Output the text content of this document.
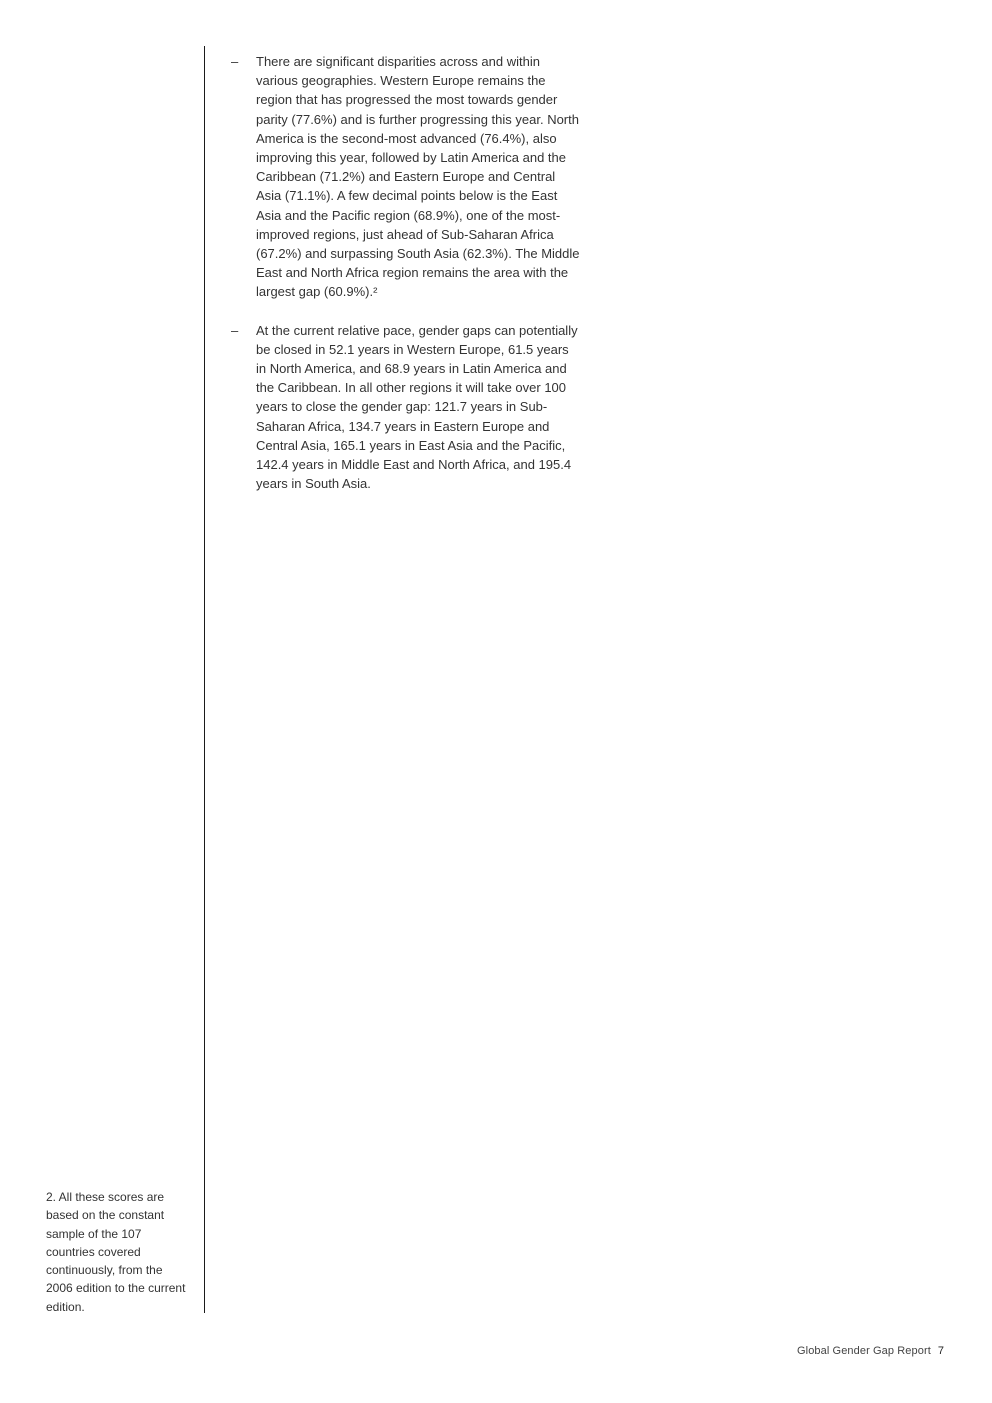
–	There are significant disparities across and within various geographies. Western Europe remains the region that has progressed the most towards gender parity (77.6%) and is further progressing this year. North America is the second-most advanced (76.4%), also improving this year, followed by Latin America and the Caribbean (71.2%) and Eastern Europe and Central Asia (71.1%). A few decimal points below is the East Asia and the Pacific region (68.9%), one of the most-improved regions, just ahead of Sub-Saharan Africa (67.2%) and surpassing South Asia (62.3%). The Middle East and North Africa region remains the area with the largest gap (60.9%).²

–	At the current relative pace, gender gaps can potentially be closed in 52.1 years in Western Europe, 61.5 years in North America, and 68.9 years in Latin America and the Caribbean. In all other regions it will take over 100 years to close the gender gap: 121.7 years in Sub-Saharan Africa, 134.7 years in Eastern Europe and Central Asia, 165.1 years in East Asia and the Pacific, 142.4 years in Middle East and North Africa, and 195.4 years in South Asia.

2. All these scores are based on the constant sample of the 107 countries covered continuously, from the 2006 edition to the current edition.

Global Gender Gap Report 7
